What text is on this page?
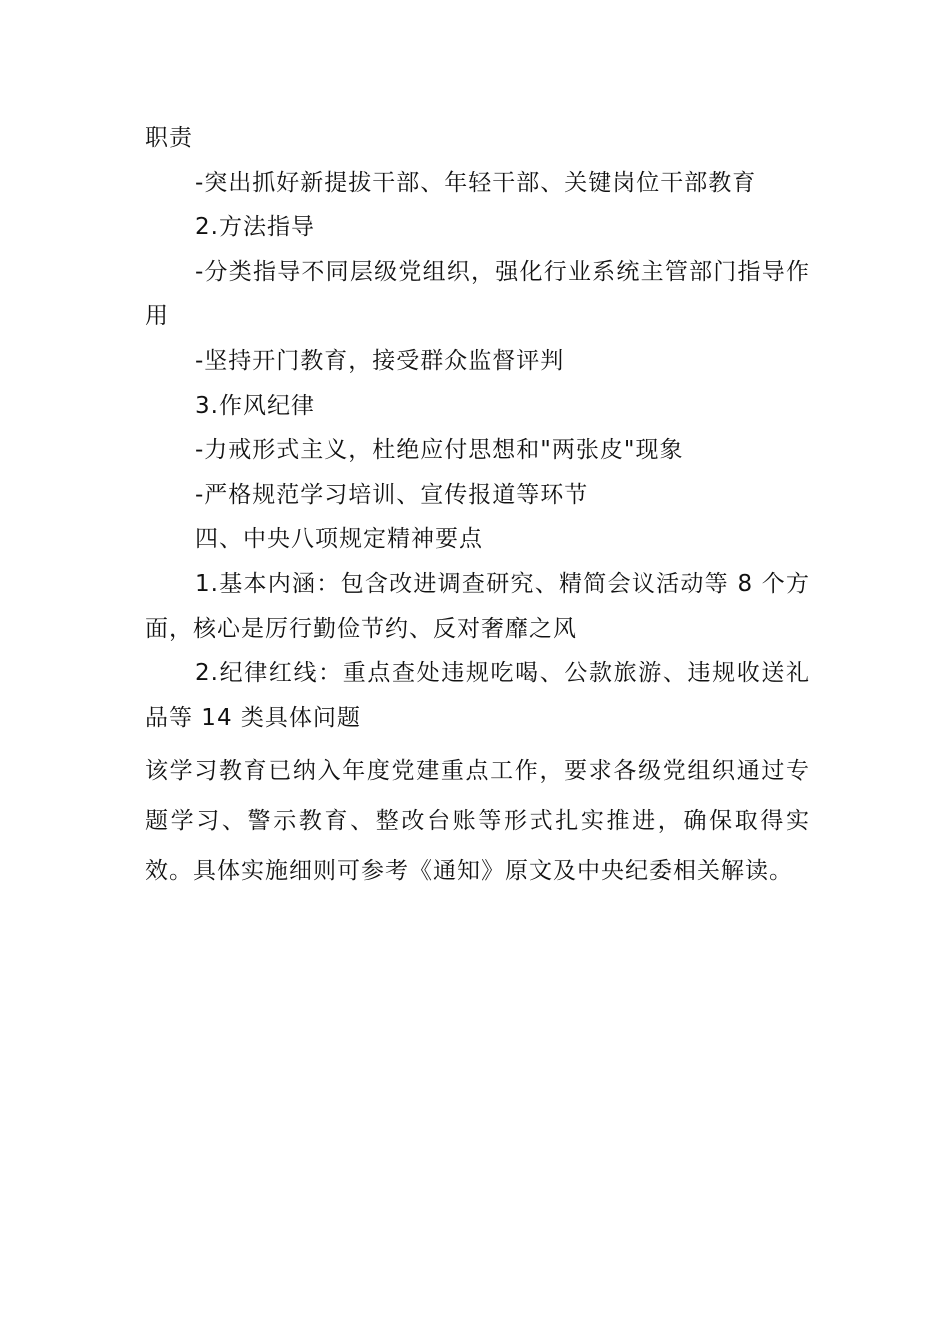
职责

-突出抓好新提拔干部、年轻干部、关键岗位干部教育

2.方法指导

-分类指导不同层级党组织，强化行业系统主管部门指导作用

-坚持开门教育，接受群众监督评判

3.作风纪律

-力戒形式主义，杜绝应付思想和"两张皮"现象

-严格规范学习培训、宣传报道等环节

四、中央八项规定精神要点

1.基本内涵：包含改进调查研究、精简会议活动等 8 个方面，核心是厉行勤俭节约、反对奢靡之风

2.纪律红线：重点查处违规吃喝、公款旅游、违规收送礼品等 14 类具体问题

该学习教育已纳入年度党建重点工作，要求各级党组织通过专题学习、警示教育、整改台账等形式扎实推进，确保取得实效。具体实施细则可参考《通知》原文及中央纪委相关解读。
